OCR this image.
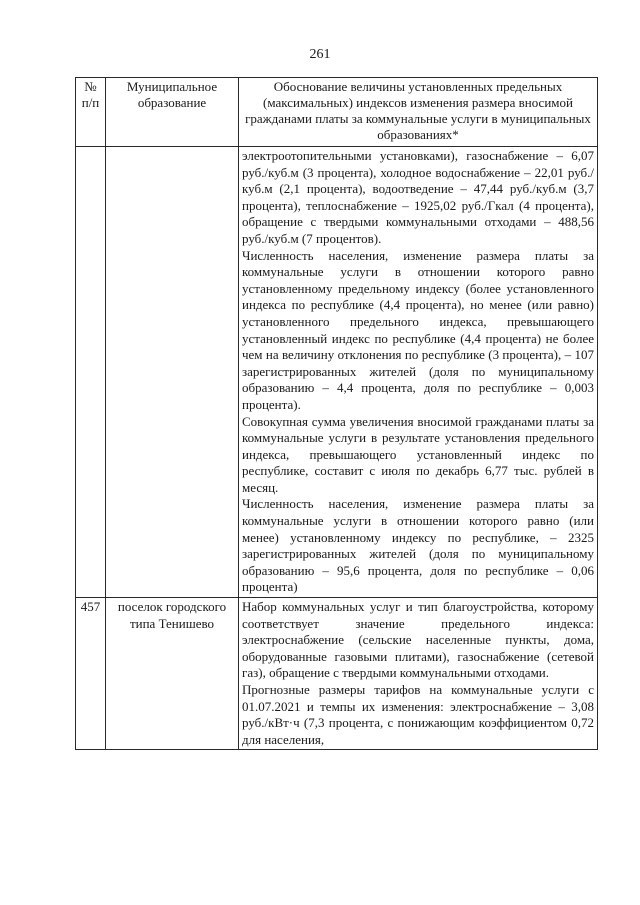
261
№ п/п	Муниципальное образование	Обоснование величины установленных предельных (максимальных) индексов изменения размера вносимой гражданами платы за коммунальные услуги в муниципальных образованиях*

		электроотопительными установками), газоснабжение – 6,07 руб./куб.м (3 процента), холодное водоснабжение – 22,01 руб./куб.м (2,1 процента), водоотведение – 47,44 руб./куб.м (3,7 процента), теплоснабжение – 1925,02 руб./Гкал (4 процента), обращение с твердыми коммунальными отходами – 488,56 руб./куб.м (7 процентов).

Численность населения, изменение размера платы за коммунальные услуги в отношении которого равно установленному предельному индексу (более установленного индекса по республике (4,4 процента), но менее (или равно) установленного предельного индекса, превышающего установленный индекс по республике (4,4 процента) не более чем на величину отклонения по республике (3 процента), – 107 зарегистрированных жителей (доля по муниципальному образованию – 4,4 процента, доля по республике – 0,003 процента).

Совокупная сумма увеличения вносимой гражданами платы за коммунальные услуги в результате установления предельного индекса, превышающего установленный индекс по республике, составит с июля по декабрь 6,77 тыс. рублей в месяц.

Численность населения, изменение размера платы за коммунальные услуги в отношении которого равно (или менее) установленному индексу по республике, – 2325 зарегистрированных жителей (доля по муниципальному образованию – 95,6 процента, доля по республике – 0,06 процента)

457	поселок городского типа Тенишево	Набор коммунальных услуг и тип благоустройства, которому соответствует значение предельного индекса: электроснабжение (сельские населенные пункты, дома, оборудованные газовыми плитами), газоснабжение (сетевой газ), обращение с твердыми коммунальными отходами.

Прогнозные размеры тарифов на коммунальные услуги с 01.07.2021 и темпы их изменения: электроснабжение – 3,08 руб./кВт·ч (7,3 процента, с понижающим коэффициентом 0,72 для населения,
